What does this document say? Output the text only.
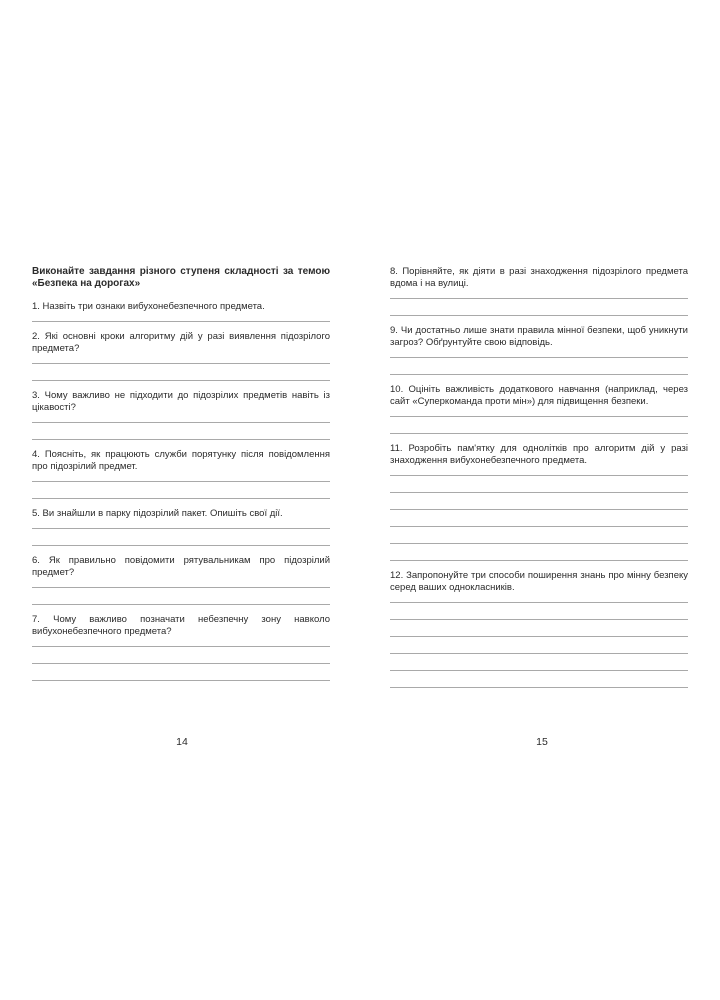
Виконайте завдання різного ступеня складності за темою «Безпека на дорогах»

1. Назвіть три ознаки вибухонебезпечного предмета.

2. Які основні кроки алгоритму дій у разі виявлення підозрілого предмета?

3. Чому важливо не підходити до підозрілих предметів навіть із цікавості?

4. Поясніть, як працюють служби порятунку після повідомлення про підозрілий предмет.

5. Ви знайшли в парку підозрілий пакет. Опишіть свої дії.

6. Як правильно повідомити рятувальникам про підозрілий предмет?

7. Чому важливо позначати небезпечну зону навколо вибухонебезпечного предмета?

8. Порівняйте, як діяти в разі знаходження підозрілого предмета вдома і на вулиці.

9. Чи достатньо лише знати правила мінної безпеки, щоб уникнути загроз? Обґрунтуйте свою відповідь.

10. Оцініть важливість додаткового навчання (наприклад, через сайт «Суперкоманда проти мін») для підвищення безпеки.

11. Розробіть пам'ятку для однолітків про алгоритм дій у разі знаходження вибухонебезпечного предмета.

12. Запропонуйте три способи поширення знань про мінну безпеку серед ваших однокласників.

14	15
